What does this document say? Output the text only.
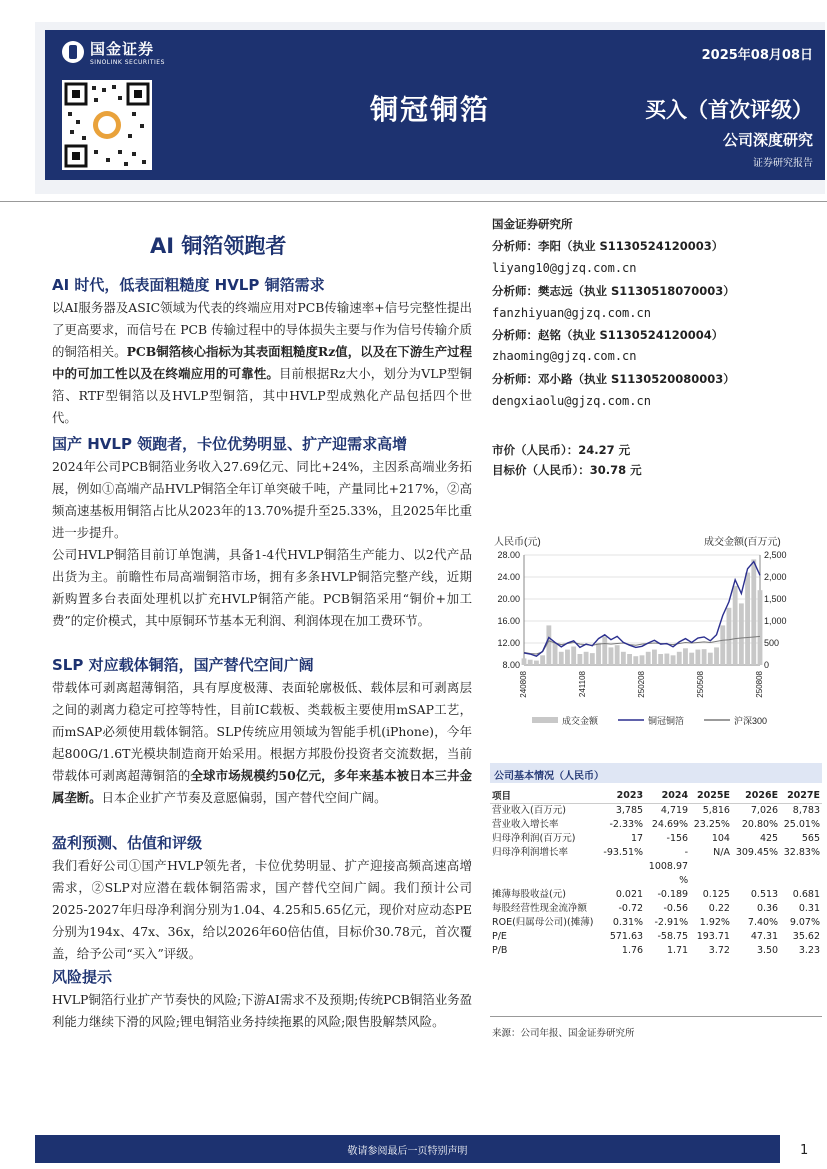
国金证券
SINOLINK SECURITIES	2025年08月08日
铜冠铜箔	买入（首次评级）
公司深度研究
证券研究报告
AI 铜箔领跑者
AI 时代，低表面粗糙度 HVLP 铜箔需求
以AI服务器及ASIC领域为代表的终端应用对PCB传输速率+信号完整性提出了更高要求，而信号在 PCB 传输过程中的导体损失主要与作为信号传输介质的铜箔相关。PCB铜箔核心指标为其表面粗糙度Rz值，以及在下游生产过程中的可加工性以及在终端应用的可靠性。目前根据Rz大小，划分为VLP型铜箔、RTF型铜箔以及HVLP型铜箔，其中HVLP型成熟化产品包括四个世代。
国产 HVLP 领跑者，卡位优势明显、扩产迎需求高增
2024年公司PCB铜箔业务收入27.69亿元、同比+24%，主因系高端业务拓展，例如①高端产品HVLP铜箔全年订单突破千吨，产量同比+217%，②高频高速基板用铜箔占比从2023年的13.70%提升至25.33%，且2025年比重进一步提升。
公司HVLP铜箔目前订单饱满，具备1-4代HVLP铜箔生产能力、以2代产品出货为主。前瞻性布局高端铜箔市场，拥有多条HVLP铜箔完整产线，近期新购置多台表面处理机以扩充HVLP铜箔产能。PCB铜箔采用“铜价+加工费”的定价模式，其中原铜环节基本无利润、利润体现在加工费环节。
SLP 对应载体铜箔，国产替代空间广阔
带载体可剥离超薄铜箔，具有厚度极薄、表面轮廓极低、载体层和可剥离层之间的剥离力稳定可控等特性，目前IC载板、类载板主要使用mSAP工艺，而mSAP必须使用载体铜箔。SLP传统应用领域为智能手机(iPhone)，今年起800G/1.6T光模块制造商开始采用。根据方邦股份投资者交流数据，当前带载体可剥离超薄铜箔的全球市场规模约50亿元，多年来基本被日本三井金属垄断。日本企业扩产节奏及意愿偏弱，国产替代空间广阔。
盈利预测、估值和评级
我们看好公司①国产HVLP领先者，卡位优势明显、扩产迎接高频高速高增需求，②SLP对应潜在载体铜箔需求，国产替代空间广阔。我们预计公司2025-2027年归母净利润分别为1.04、4.25和5.65亿元，现价对应动态PE分别为194x、47x、36x，给以2026年60倍估值，目标价30.78元，首次覆盖，给予公司“买入”评级。
风险提示
HVLP铜箔行业扩产节奏快的风险;下游AI需求不及预期;传统PCB铜箔业务盈利能力继续下滑的风险;锂电铜箔业务持续拖累的风险;限售股解禁风险。
国金证券研究所
分析师：李阳（执业 S1130524120003）
liyang10@gjzq.com.cn
分析师：樊志远（执业 S1130518070003）
fanzhiyuan@gjzq.com.cn
分析师：赵铭（执业 S1130524120004）
zhaoming@gjzq.com.cn
分析师：邓小路（执业 S1130520080003）
dengxiaolu@gjzq.com.cn
市价（人民币）：24.27 元
目标价（人民币）：30.78 元
人民币(元)	成交金额(百万元)
28.00
24.00
20.00
16.00
12.00
8.00
2,500
2,000
1,500
1,000
500
0
240808	241108	250208	250508	250808
成交金额	铜冠铜箔	沪深300
公司基本情况（人民币）
项目	2023	2024	2025E	2026E	2027E
营业收入(百万元)	3,785	4,719	5,816	7,026	8,783
营业收入增长率	-2.33%	24.69%	23.25%	20.80%	25.01%
归母净利润(百万元)	17	-156	104	425	565
归母净利润增长率	-93.51%	-	N/A	309.45%	32.83%
		1008.97			
		%			
摊薄每股收益(元)	0.021	-0.189	0.125	0.513	0.681
每股经营性现金流净额	-0.72	-0.56	0.22	0.36	0.31
ROE(归属母公司)(摊薄)	0.31%	-2.91%	1.92%	7.40%	9.07%
P/E	571.63	-58.75	193.71	47.31	35.62
P/B	1.76	1.71	3.72	3.50	3.23
来源：公司年报、国金证券研究所
敬请参阅最后一页特别声明	1
